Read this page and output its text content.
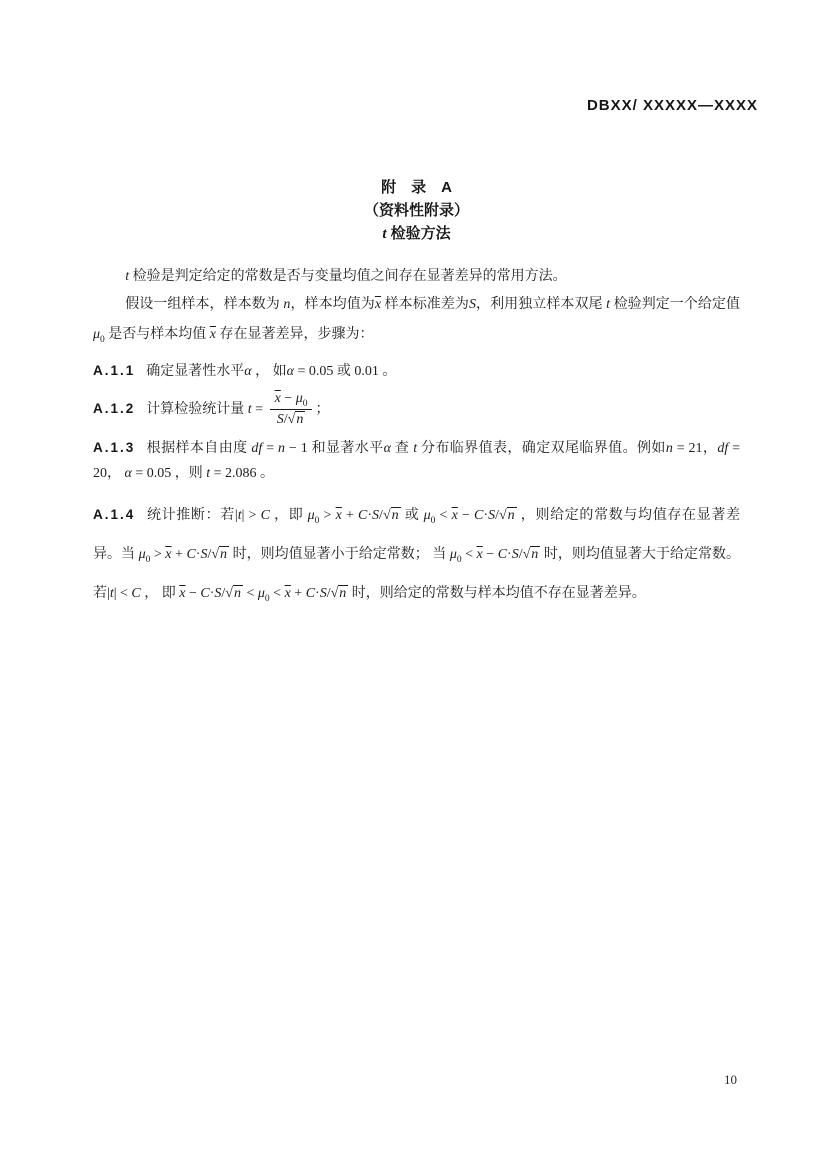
DBXX/ XXXXX—XXXX
附　录　A
（资料性附录）
t 检验方法

t 检验是判定给定的常数是否与变量均值之间存在显著差异的常用方法。

假设一组样本，样本数为 n，样本均值为$\overline{x}$ 样本标准差为S，利用独立样本双尾 t 检验判定一个给定值 $\mu_0$ 是否与样本均值 $\overline{x}$ 存在显著差异，步骤为：

A.1.1 确定显著性水平α ， 如α = 0.05 或 0.01 。

A.1.2 计算检验统计量 $t = \frac{\overline{x} - \mu_0}{S/√n}$ ；

A.1.3 根据样本自由度 df = n − 1 和显著水平α 查 t 分布临界值表，确定双尾临界值。例如n = 21，df = 20， α = 0.05 ，则 t = 2.086 。

A.1.4 统计推断：若|t| > C ，即 $\mu_0 > \overline{x} + C\cdot S/√n$ 或 $\mu_0 < \overline{x} - C\cdot S/√n$ ，则给定的常数与均值存在显著差异。当 $\mu_0 > \overline{x} + C\cdot S/√n$ 时，则均值显著小于给定常数； 当 $\mu_0 < \overline{x} - C\cdot S/√n$ 时，则均值显著大于给定常数。若|t| < C ， 即 $\overline{x} - C\cdot S/√n < \mu_0 < \overline{x} + C\cdot S/√n$ 时，则给定的常数与样本均值不存在显著差异。

10
